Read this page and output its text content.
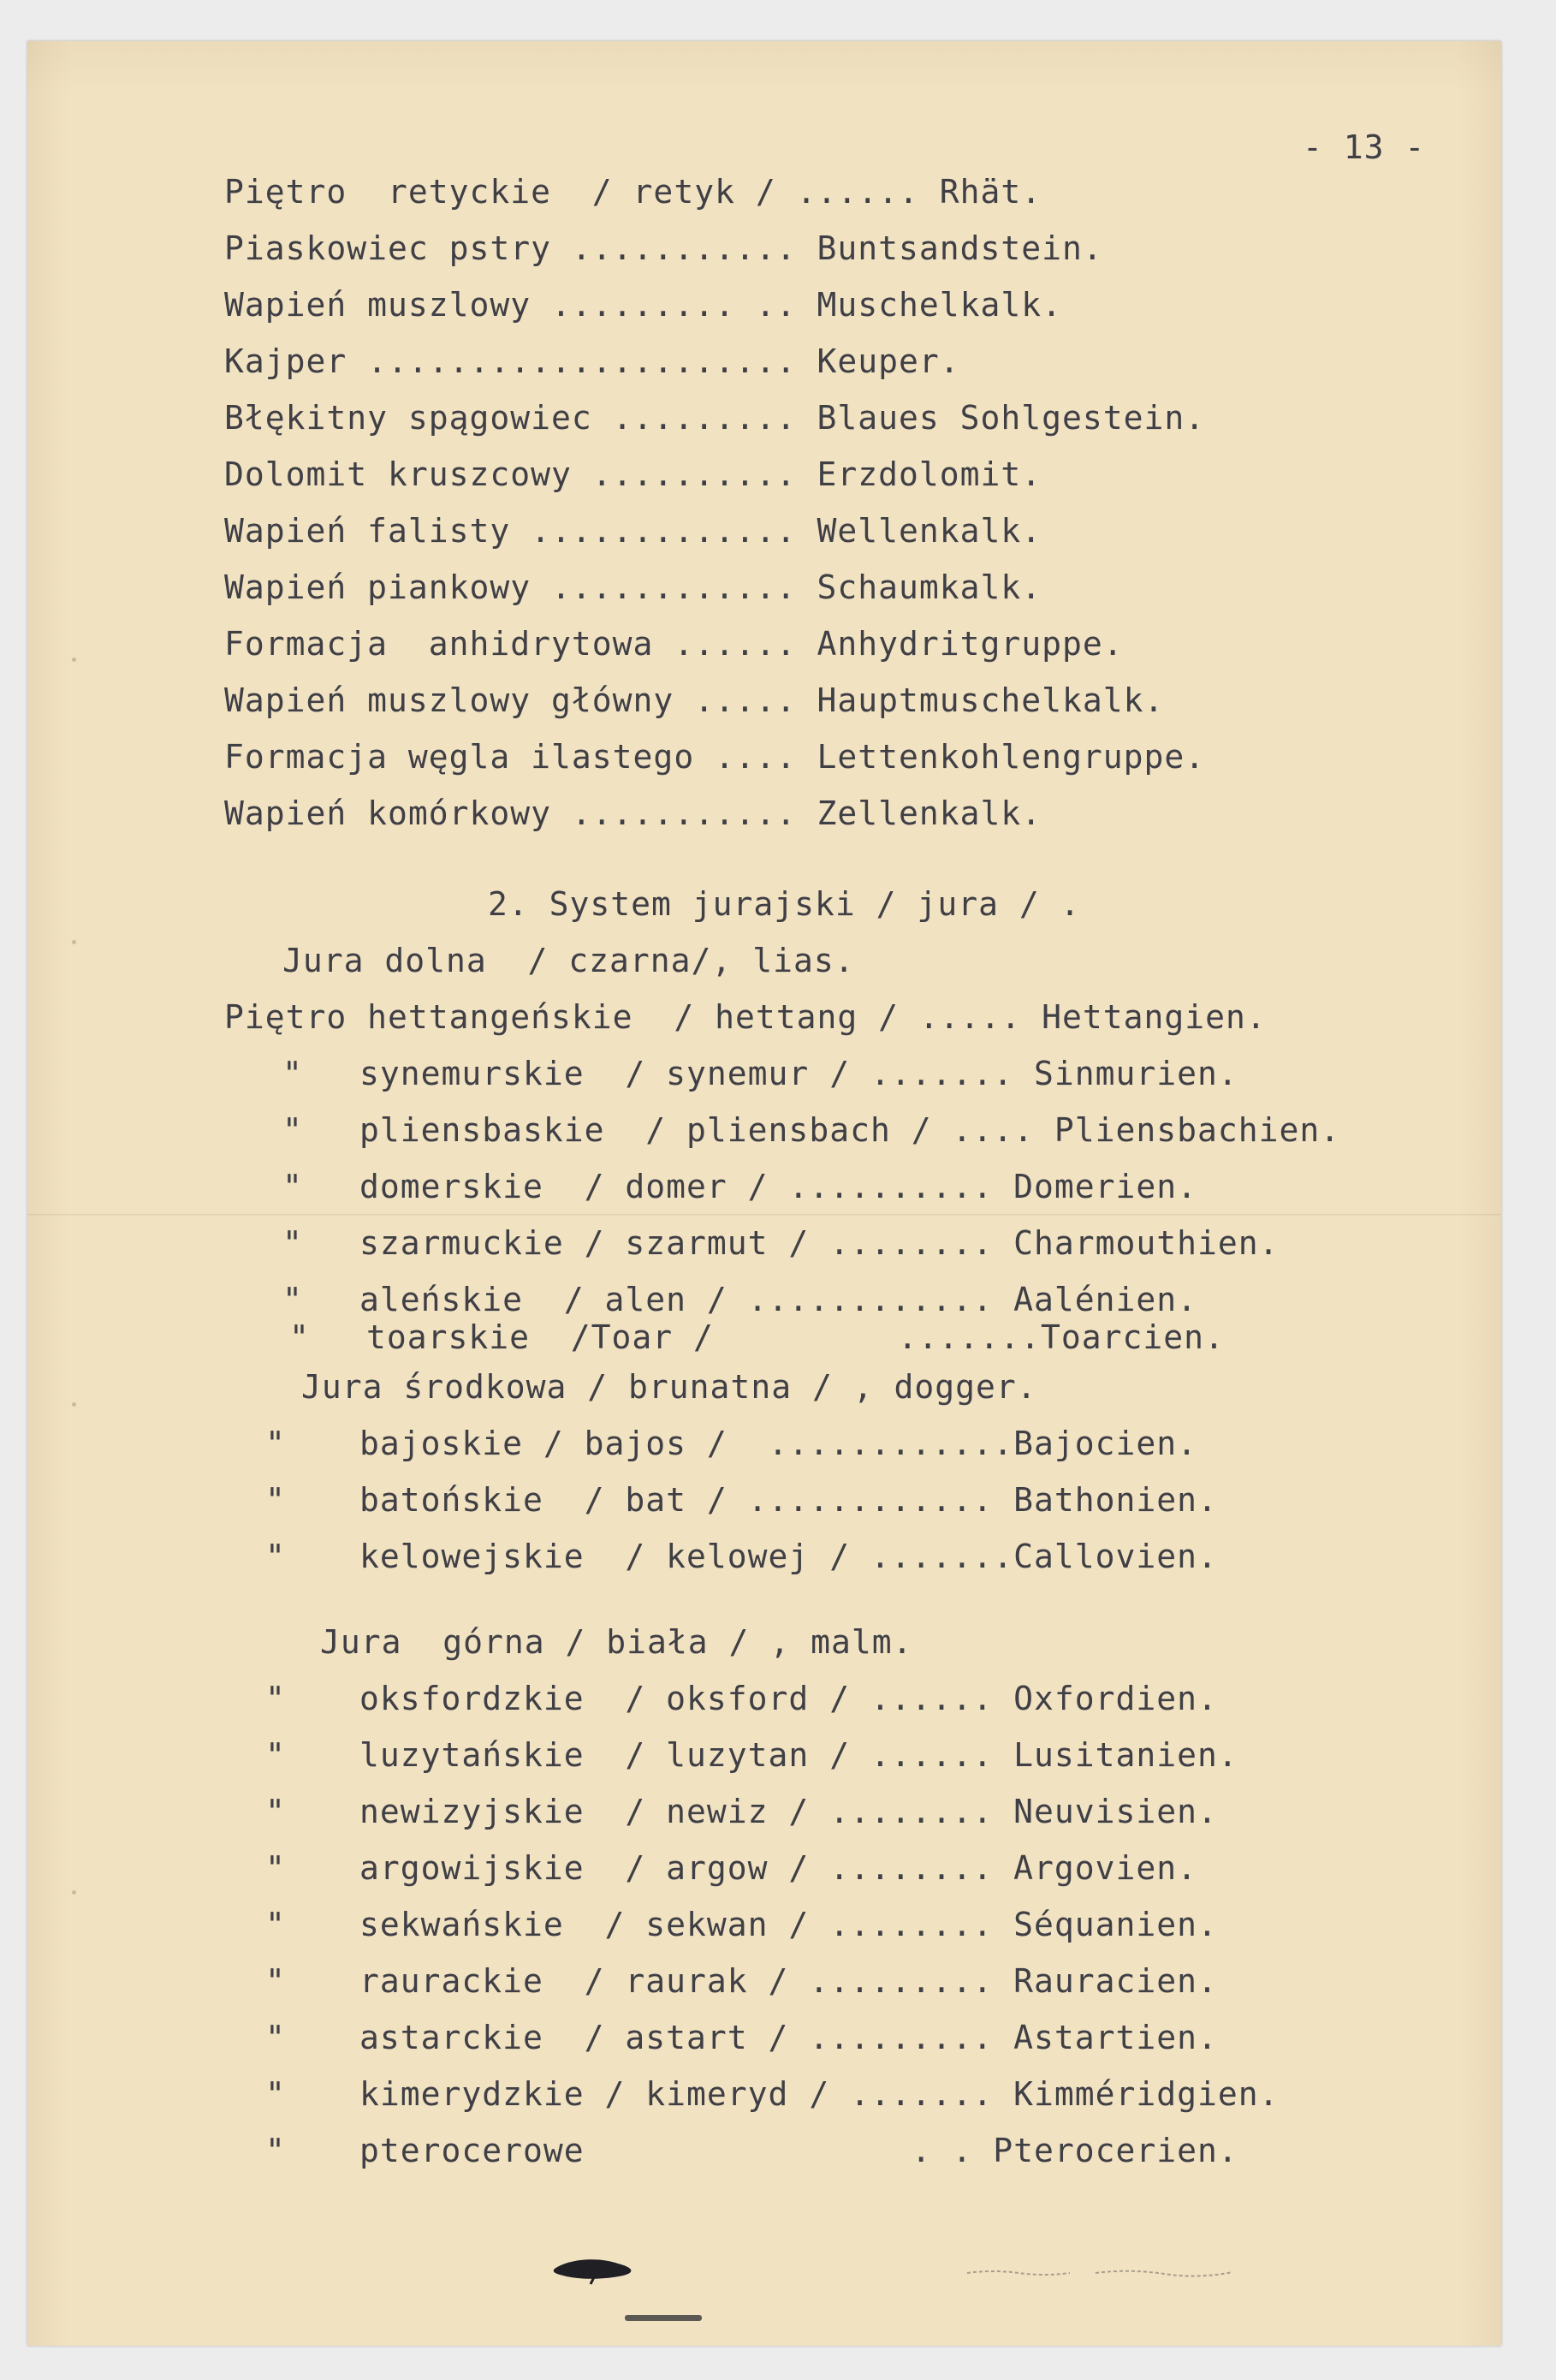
- 13 -
Piętro  retyckie  / retyk / ...... Rhät.
Piaskowiec pstry ........... Buntsandstein.
Wapień muszlowy ......... .. Muschelkalk.
Kajper ..................... Keuper.
Błękitny spągowiec ......... Blaues Sohlgestein.
Dolomit kruszcowy .......... Erzdolomit.
Wapień falisty ............. Wellenkalk.
Wapień piankowy ............ Schaumkalk.
Formacja  anhidrytowa ...... Anhydritgruppe.
Wapień muszlowy główny ..... Hauptmuschelkalk.
Formacja węgla ilastego .... Lettenkohlengruppe.
Wapień komórkowy ........... Zellenkalk.
2. System jurajski / jura / .
Jura dolna  / czarna/, lias.
Piętro hettangeńskie  / hettang / ..... Hettangien.
" synemurskie  / synemur / ....... Sinmurien.
" pliensbaskie  / pliensbach / .... Pliensbachien.
" domerskie  / domer / .......... Domerien.
" szarmuckie / szarmut / ........ Charmouthien.
" aleńskie  / alen / ............ Aalénien.
" toarskie  /Toar /         .......Toarcien.
Jura środkowa / brunatna / , dogger.
" bajoskie / bajos /  ............Bajocien.
" batońskie  / bat / ............ Bathonien.
" kelowejskie  / kelowej / .......Callovien.
Jura  górna / biała / , malm.
" oksfordzkie  / oksford / ...... Oxfordien.
" luzytańskie  / luzytan / ...... Lusitanien.
" newizyjskie  / newiz / ........ Neuvisien.
" argowijskie  / argow / ........ Argovien.
" sekwańskie  / sekwan / ........ Séquanien.
" raurackie  / raurak / ......... Rauracien.
" astarckie  / astart / ......... Astartien.
" kimerydzkie / kimeryd / ....... Kimméridgien.
" pterocerowe                . . Pterocerien.
